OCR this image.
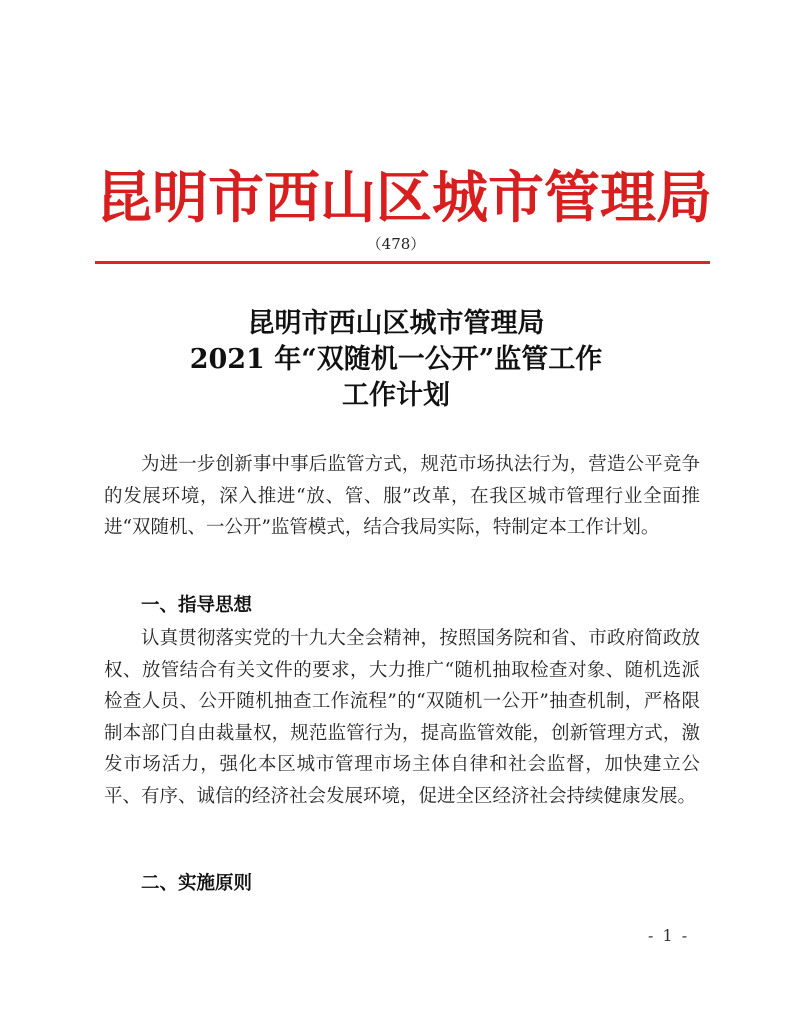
昆明市西山区城市管理局
（478）
昆明市西山区城市管理局
2021 年“双随机一公开”监管工作
工作计划

为进一步创新事中事后监管方式，规范市场执法行为，营造公平竞争的发展环境，深入推进“放、管、服”改革，在我区城市管理行业全面推进“双随机、一公开”监管模式，结合我局实际，特制定本工作计划。

一、指导思想

认真贯彻落实党的十九大全会精神，按照国务院和省、市政府简政放权、放管结合有关文件的要求，大力推广“随机抽取检查对象、随机选派检查人员、公开随机抽查工作流程”的“双随机一公开”抽查机制，严格限制本部门自由裁量权，规范监管行为，提高监管效能，创新管理方式，激发市场活力，强化本区城市管理市场主体自律和社会监督，加快建立公平、有序、诚信的经济社会发展环境，促进全区经济社会持续健康发展。

二、实施原则
- 1 -
